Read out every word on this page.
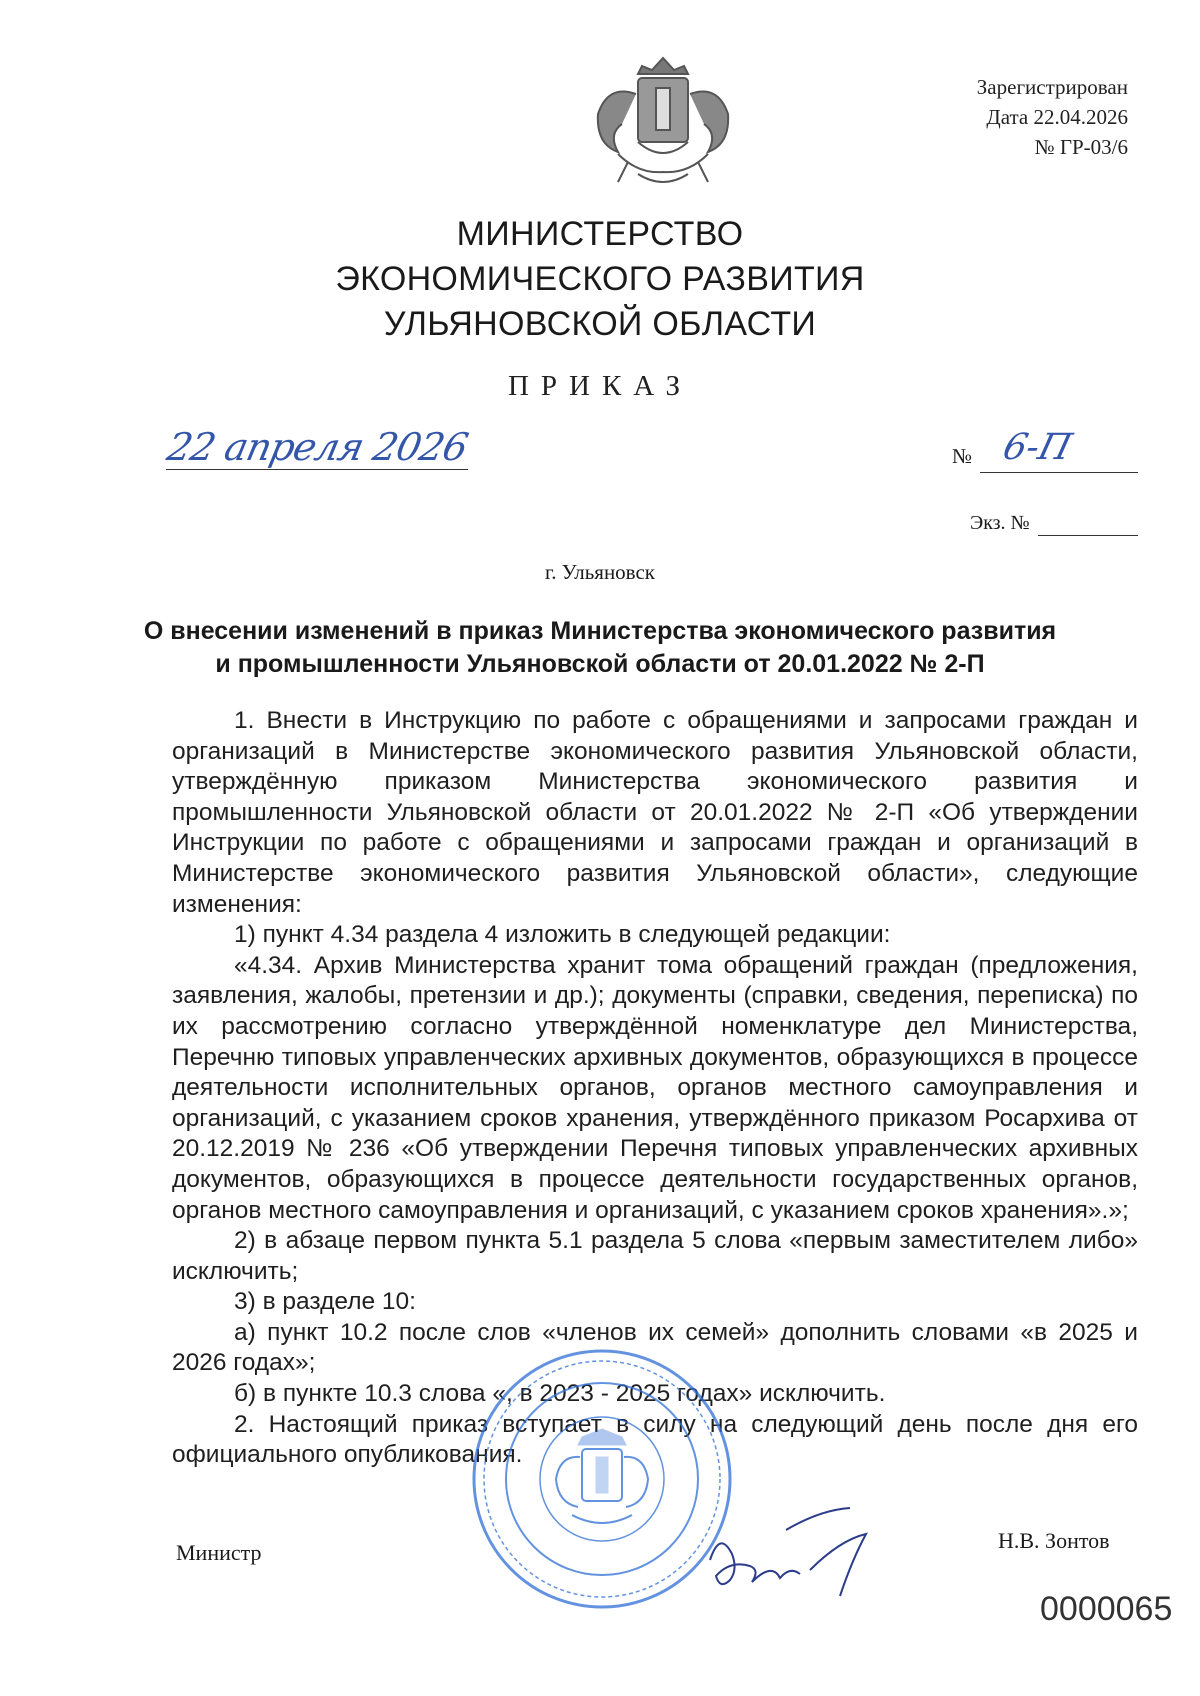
Зарегистрирован
Дата 22.04.2026
№ ГР-03/6
МИНИСТЕРСТВО
ЭКОНОМИЧЕСКОГО РАЗВИТИЯ
УЛЬЯНОВСКОЙ ОБЛАСТИ
ПРИКАЗ
22 апреля 2026	№ 6-П
Экз. №
г. Ульяновск
О внесении изменений в приказ Министерства экономического развития
и промышленности Ульяновской области от 20.01.2022 № 2-П

1. Внести в Инструкцию по работе с обращениями и запросами граждан и организаций в Министерстве экономического развития Ульяновской области, утверждённую приказом Министерства экономического развития и промышленности Ульяновской области от 20.01.2022 № 2-П «Об утверждении Инструкции по работе с обращениями и запросами граждан и организаций в Министерстве экономического развития Ульяновской области», следующие изменения:

1) пункт 4.34 раздела 4 изложить в следующей редакции:

«4.34. Архив Министерства хранит тома обращений граждан (предложения, заявления, жалобы, претензии и др.); документы (справки, сведения, переписка) по их рассмотрению согласно утверждённой номенклатуре дел Министерства, Перечню типовых управленческих архивных документов, образующихся в процессе деятельности исполнительных органов, органов местного самоуправления и организаций, с указанием сроков хранения, утверждённого приказом Росархива от 20.12.2019 № 236 «Об утверждении Перечня типовых управленческих архивных документов, образующихся в процессе деятельности государственных органов, органов местного самоуправления и организаций, с указанием сроков хранения».»;

2) в абзаце первом пункта 5.1 раздела 5 слова «первым заместителем либо» исключить;

3) в разделе 10:

а) пункт 10.2 после слов «членов их семей» дополнить словами «в 2025 и 2026 годах»;

б) в пункте 10.3 слова «, в 2023 - 2025 годах» исключить.

2. Настоящий приказ вступает в силу на следующий день после дня его официального опубликования.

Министр	Н.В. Зонтов
0000065
